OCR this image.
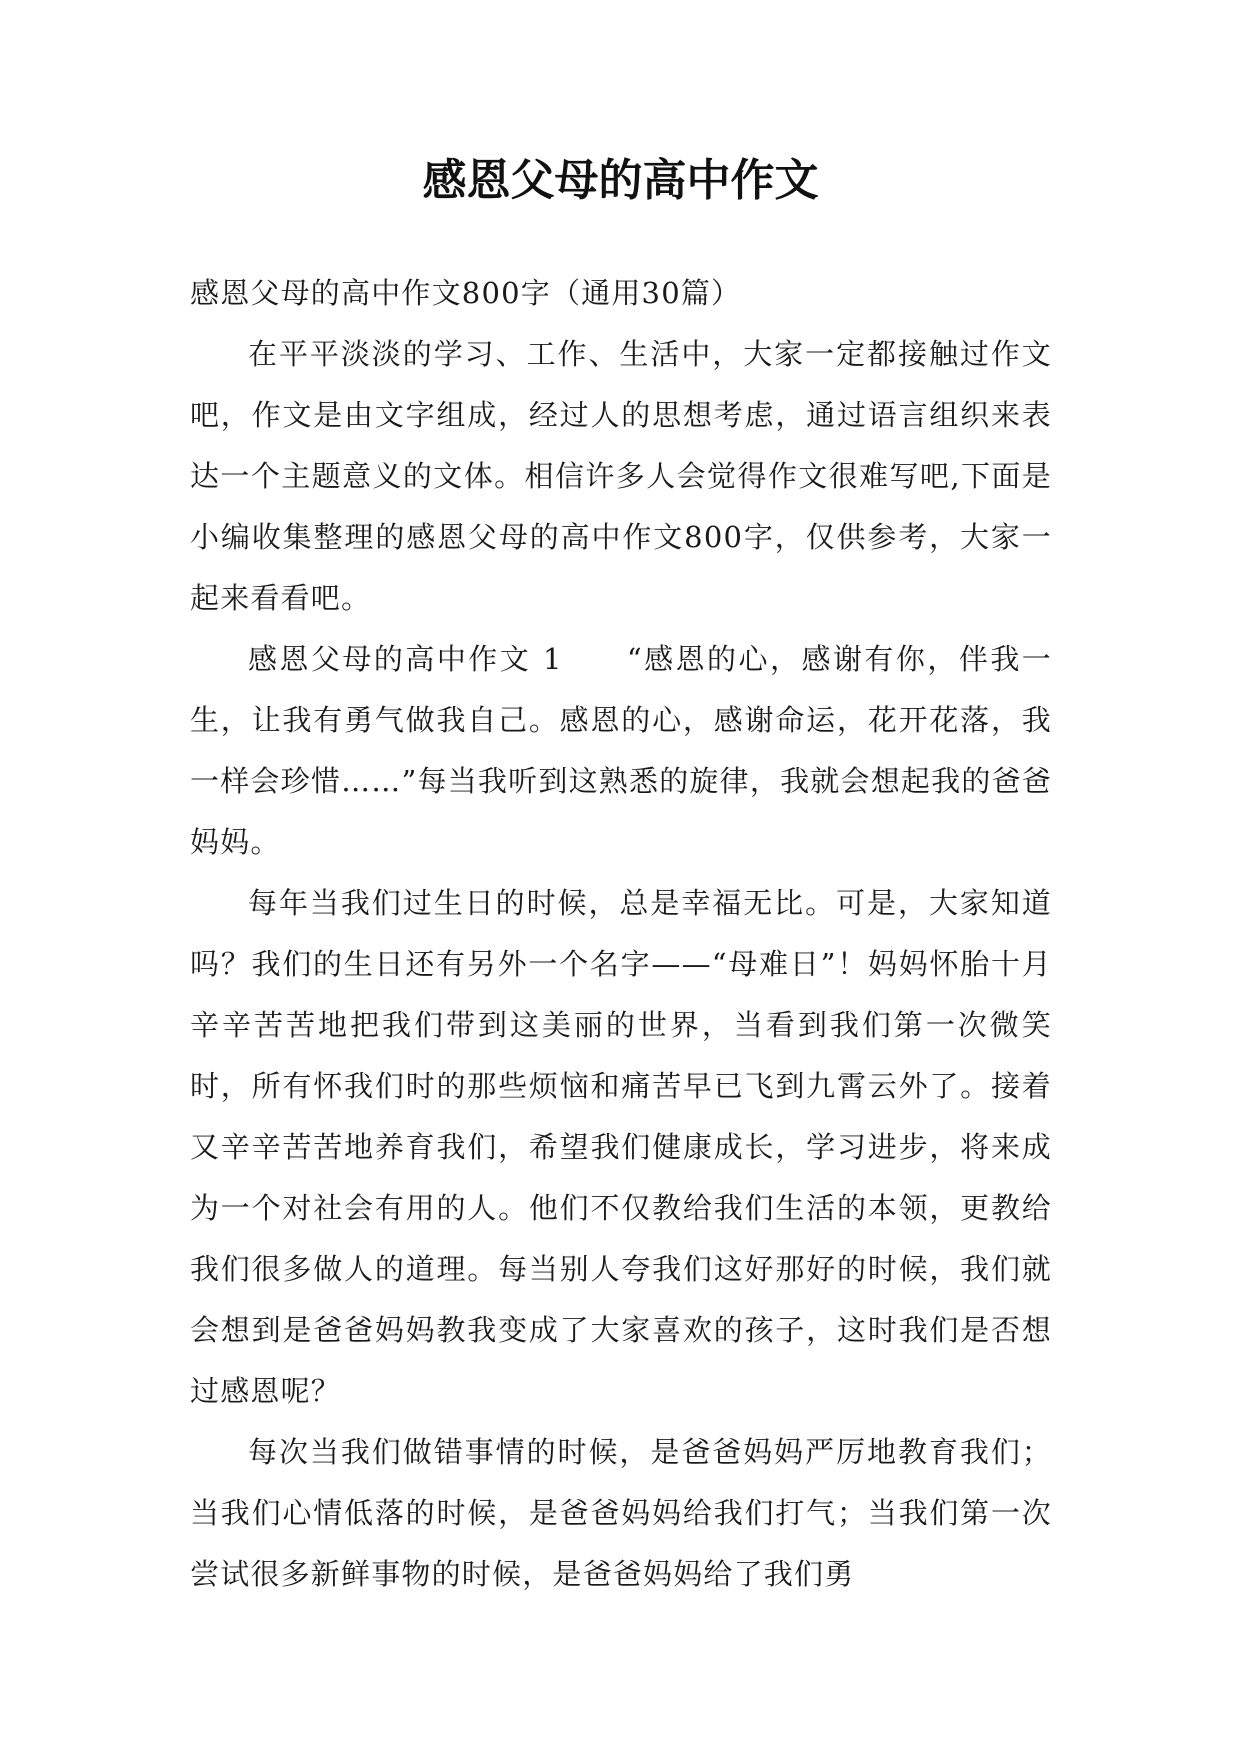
感恩父母的高中作文

感恩父母的高中作文800字（通用30篇）

在平平淡淡的学习、工作、生活中，大家一定都接触过作文吧，作文是由文字组成，经过人的思想考虑，通过语言组织来表达一个主题意义的文体。相信许多人会觉得作文很难写吧,下面是小编收集整理的感恩父母的高中作文800字，仅供参考，大家一起来看看吧。

感恩父母的高中作文 1　　“感恩的心，感谢有你，伴我一生，让我有勇气做我自己。感恩的心，感谢命运，花开花落，我一样会珍惜……”每当我听到这熟悉的旋律，我就会想起我的爸爸妈妈。

每年当我们过生日的时候，总是幸福无比。可是，大家知道吗？我们的生日还有另外一个名字——“母难日”！妈妈怀胎十月辛辛苦苦地把我们带到这美丽的世界，当看到我们第一次微笑时，所有怀我们时的那些烦恼和痛苦早已飞到九霄云外了。接着又辛辛苦苦地养育我们，希望我们健康成长，学习进步，将来成为一个对社会有用的人。他们不仅教给我们生活的本领，更教给我们很多做人的道理。每当别人夸我们这好那好的时候，我们就会想到是爸爸妈妈教我变成了大家喜欢的孩子，这时我们是否想过感恩呢？

每次当我们做错事情的时候，是爸爸妈妈严厉地教育我们；当我们心情低落的时候，是爸爸妈妈给我们打气；当我们第一次尝试很多新鲜事物的时候，是爸爸妈妈给了我们勇
